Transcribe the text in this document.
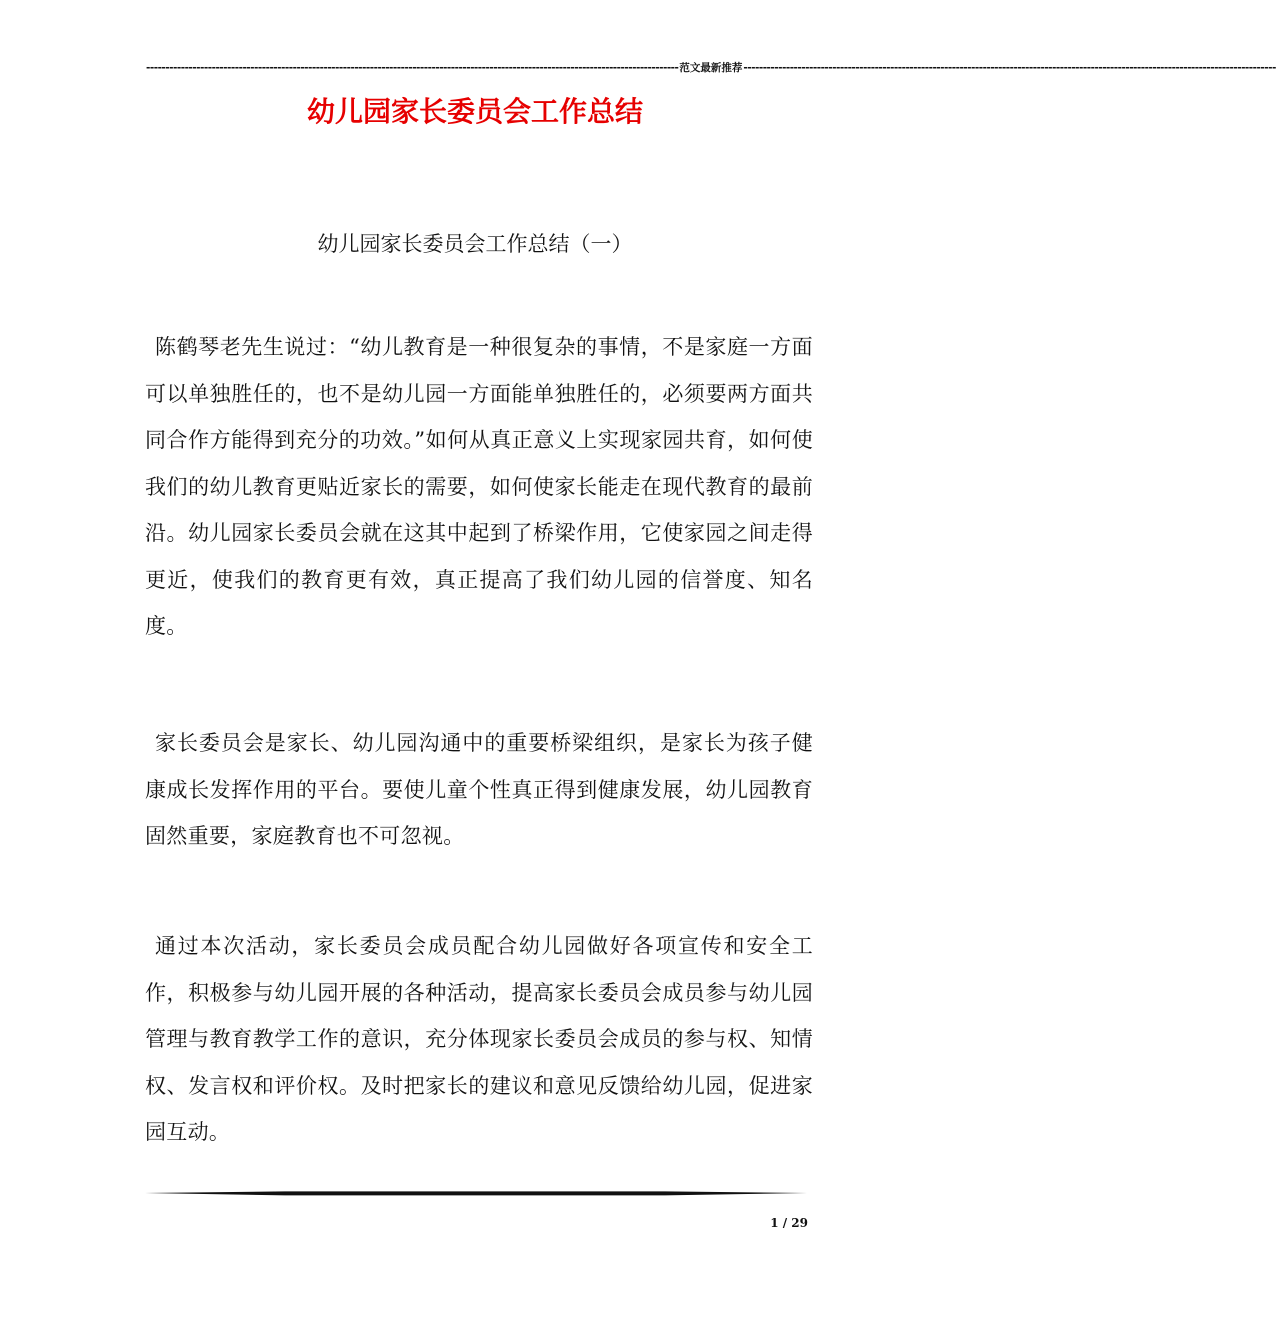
------------------------------------------------------------------------------------------------------------------------------------------ 范文最新推荐 ------------------------------------------------------------------------------------------------------------------------------------------
幼儿园家长委员会工作总结

幼儿园家长委员会工作总结（一）

陈鹤琴老先生说过：“幼儿教育是一种很复杂的事情，不是家庭一方面可以单独胜任的，也不是幼儿园一方面能单独胜任的，必须要两方面共同合作方能得到充分的功效。”如何从真正意义上实现家园共育，如何使我们的幼儿教育更贴近家长的需要，如何使家长能走在现代教育的最前沿。幼儿园家长委员会就在这其中起到了桥梁作用，它使家园之间走得更近，使我们的教育更有效，真正提高了我们幼儿园的信誉度、知名度。

家长委员会是家长、幼儿园沟通中的重要桥梁组织，是家长为孩子健康成长发挥作用的平台。要使儿童个性真正得到健康发展，幼儿园教育固然重要，家庭教育也不可忽视。

通过本次活动，家长委员会成员配合幼儿园做好各项宣传和安全工作，积极参与幼儿园开展的各种活动，提高家长委员会成员参与幼儿园管理与教育教学工作的意识，充分体现家长委员会成员的参与权、知情权、发言权和评价权。及时把家长的建议和意见反馈给幼儿园，促进家园互动。

1 / 29
